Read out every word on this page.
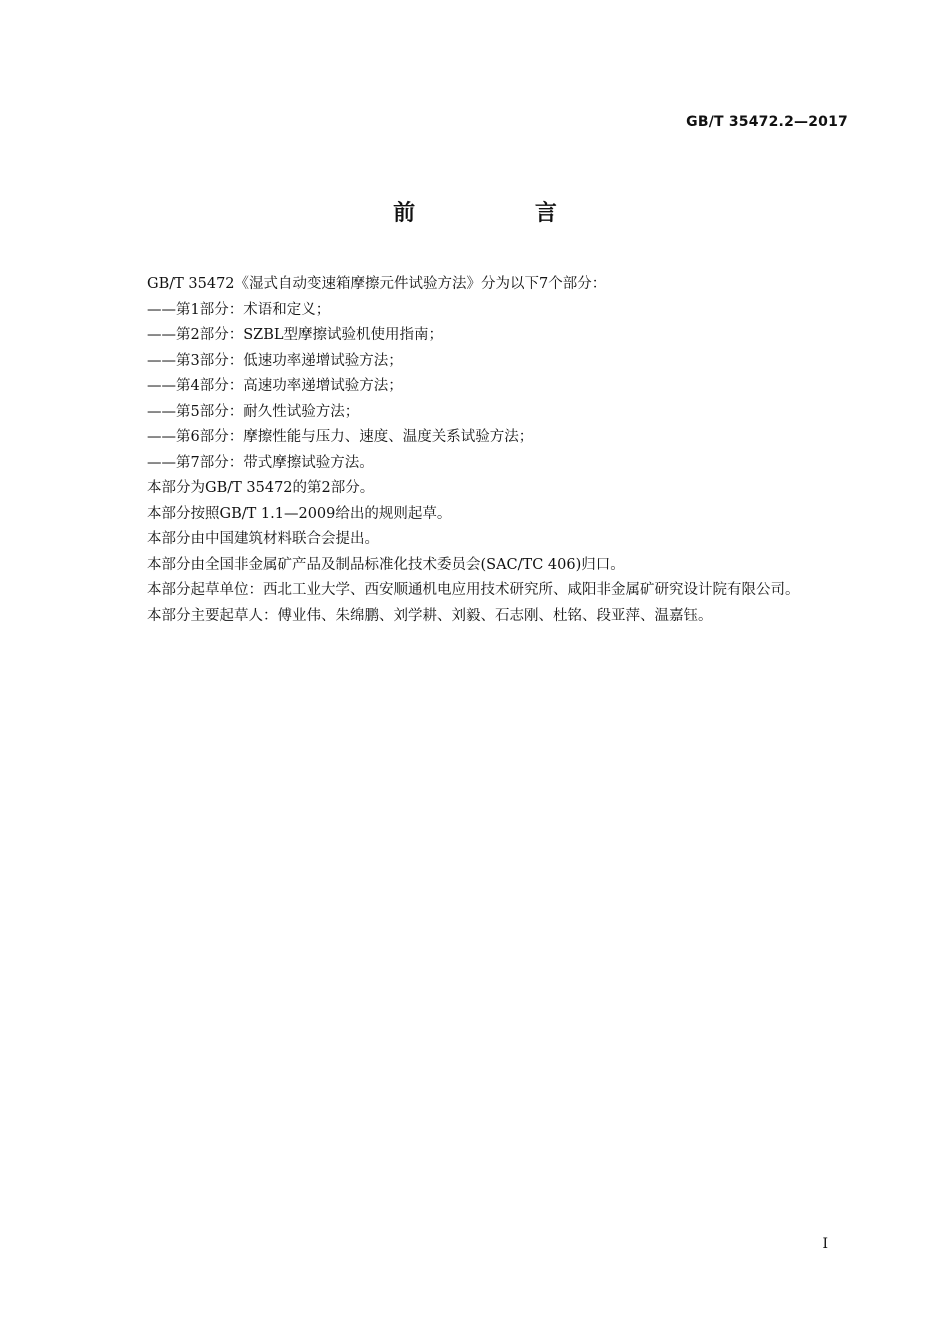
GB/T 35472.2—2017
前 言

GB/T 35472《湿式自动变速箱摩擦元件试验方法》分为以下7个部分：

——第1部分：术语和定义；

——第2部分：SZBL型摩擦试验机使用指南；

——第3部分：低速功率递增试验方法；

——第4部分：高速功率递增试验方法；

——第5部分：耐久性试验方法；

——第6部分：摩擦性能与压力、速度、温度关系试验方法；

——第7部分：带式摩擦试验方法。

本部分为GB/T 35472的第2部分。

本部分按照GB/T 1.1—2009给出的规则起草。

本部分由中国建筑材料联合会提出。

本部分由全国非金属矿产品及制品标准化技术委员会(SAC/TC 406)归口。

本部分起草单位：西北工业大学、西安顺通机电应用技术研究所、咸阳非金属矿研究设计院有限公司。

本部分主要起草人：傅业伟、朱绵鹏、刘学耕、刘毅、石志刚、杜铭、段亚萍、温嘉钰。

I
